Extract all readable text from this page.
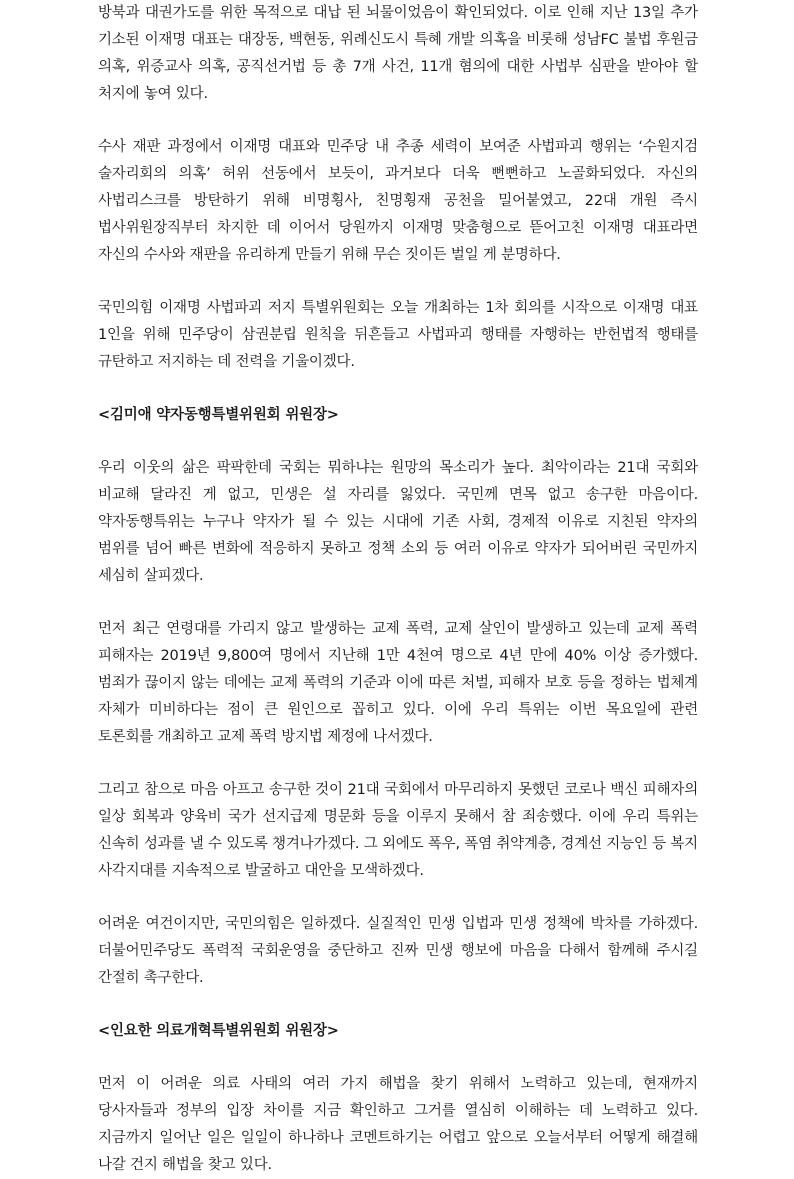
방북과 대권가도를 위한 목적으로 대납 된 뇌물이었음이 확인되었다. 이로 인해 지난 13일 추가 기소된 이재명 대표는 대장동, 백현동, 위례신도시 특혜 개발 의혹을 비롯해 성남FC 불법 후원금 의혹, 위증교사 의혹, 공직선거법 등 총 7개 사건, 11개 혐의에 대한 사법부 심판을 받아야 할 처지에 놓여 있다.

수사 재판 과정에서 이재명 대표와 민주당 내 추종 세력이 보여준 사법파괴 행위는 ‘수원지검 술자리회의 의혹’ 허위 선동에서 보듯이, 과거보다 더욱 뻔뻔하고 노골화되었다. 자신의 사법리스크를 방탄하기 위해 비명횡사, 친명횡재 공천을 밀어붙였고, 22대 개원 즉시 법사위원장직부터 차지한 데 이어서 당원까지 이재명 맞춤형으로 뜯어고친 이재명 대표라면 자신의 수사와 재판을 유리하게 만들기 위해 무슨 짓이든 벌일 게 분명하다.

국민의힘 이재명 사법파괴 저지 특별위원회는 오늘 개최하는 1차 회의를 시작으로 이재명 대표 1인을 위해 민주당이 삼권분립 원칙을 뒤흔들고 사법파괴 행태를 자행하는 반헌법적 행태를 규탄하고 저지하는 데 전력을 기울이겠다.

<김미애 약자동행특별위원회 위원장>

우리 이웃의 삶은 팍팍한데 국회는 뭐하냐는 원망의 목소리가 높다. 최악이라는 21대 국회와 비교해 달라진 게 없고, 민생은 설 자리를 잃었다. 국민께 면목 없고 송구한 마음이다. 약자동행특위는 누구나 약자가 될 수 있는 시대에 기존 사회, 경제적 이유로 지친된 약자의 범위를 넘어 빠른 변화에 적응하지 못하고 정책 소외 등 여러 이유로 약자가 되어버린 국민까지 세심히 살피겠다.

먼저 최근 연령대를 가리지 않고 발생하는 교제 폭력, 교제 살인이 발생하고 있는데 교제 폭력 피해자는 2019년 9,800여 명에서 지난해 1만 4천여 명으로 4년 만에 40% 이상 증가했다. 범죄가 끊이지 않는 데에는 교제 폭력의 기준과 이에 따른 처벌, 피해자 보호 등을 정하는 법체계 자체가 미비하다는 점이 큰 원인으로 꼽히고 있다. 이에 우리 특위는 이번 목요일에 관련 토론회를 개최하고 교제 폭력 방지법 제정에 나서겠다.

그리고 참으로 마음 아프고 송구한 것이 21대 국회에서 마무리하지 못했던 코로나 백신 피해자의 일상 회복과 양육비 국가 선지급제 명문화 등을 이루지 못해서 참 죄송했다. 이에 우리 특위는 신속히 성과를 낼 수 있도록 챙겨나가겠다. 그 외에도 폭우, 폭염 취약계층, 경계선 지능인 등 복지 사각지대를 지속적으로 발굴하고 대안을 모색하겠다.

어려운 여건이지만, 국민의힘은 일하겠다. 실질적인 민생 입법과 민생 정책에 박차를 가하겠다. 더불어민주당도 폭력적 국회운영을 중단하고 진짜 민생 행보에 마음을 다해서 함께해 주시길 간절히 촉구한다.

<인요한 의료개혁특별위원회 위원장>

먼저 이 어려운 의료 사태의 여러 가지 해법을 찾기 위해서 노력하고 있는데, 현재까지 당사자들과 정부의 입장 차이를 지금 확인하고 그거를 열심히 이해하는 데 노력하고 있다. 지금까지 일어난 일은 일일이 하나하나 코멘트하기는 어렵고 앞으로 오늘서부터 어떻게 해결해 나갈 건지 해법을 찾고 있다.
